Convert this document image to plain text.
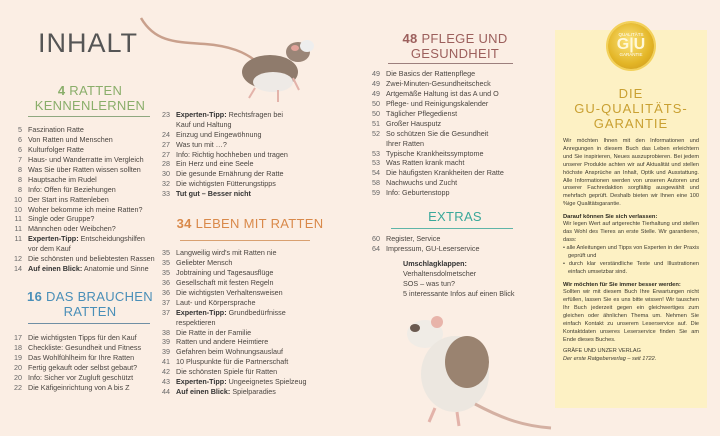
INHALT
4 RATTEN
KENNENLERNEN
5 Faszination Ratte
6 Von Ratten und Menschen
6 Kulturfolger Ratte
7 Haus- und Wanderratte im Vergleich
8 Was Sie über Ratten wissen sollten
8 Hauptsache im Rudel
8 Info: Offen für Beziehungen
10 Der Start ins Rattenleben
10 Woher bekomme ich meine Ratten?
11 Single oder Gruppe?
11 Männchen oder Weibchen?
11 Experten-Tipp: Entscheidungshilfen
vor dem Kauf
12 Die schönsten und beliebtesten Rassen
14 Auf einen Blick: Anatomie und Sinne
16 DAS BRAUCHEN
RATTEN
17 Die wichtigsten Tipps für den Kauf
18 Checkliste: Gesundheit und Fitness
19 Das Wohlfühlheim für Ihre Ratten
20 Fertig gekauft oder selbst gebaut?
20 Info: Sicher vor Zugluft geschützt
22 Die Käfigeinrichtung von A bis Z
23 Experten-Tipp: Rechtsfragen bei
Kauf und Haltung
24 Einzug und Eingewöhnung
27 Was tun mit …?
27 Info: Richtig hochheben und tragen
28 Ein Herz und eine Seele
30 Die gesunde Ernährung der Ratte
32 Die wichtigsten Fütterungstipps
33 Tut gut – Besser nicht
34 LEBEN MIT RATTEN
35 Langweilig wird's mit Ratten nie
35 Geliebter Mensch
35 Jobtraining und Tagesausflüge
36 Gesellschaft mit festen Regeln
36 Die wichtigsten Verhaltensweisen
37 Laut- und Körpersprache
37 Experten-Tipp: Grundbedürfnisse
respektieren
38 Die Ratte in der Familie
39 Ratten und andere Heimtiere
39 Gefahren beim Wohnungsauslauf
41 10 Pluspunkte für die Partnerschaft
42 Die schönsten Spiele für Ratten
43 Experten-Tipp: Ungeeignetes Spielzeug
44 Auf einen Blick: Spielparadies
48 PFLEGE UND
GESUNDHEIT
49 Die Basics der Rattenpflege
49 Zwei-Minuten-Gesundheitscheck
49 Artgemäße Haltung ist das A und O
50 Pflege- und Reinigungskalender
50 Täglicher Pflegedienst
51 Großer Hausputz
52 So schützen Sie die Gesundheit
Ihrer Ratten
53 Typische Krankheitssymptome
53 Was Ratten krank macht
54 Die häufigsten Krankheiten der Ratte
58 Nachwuchs und Zucht
59 Info: Geburtenstopp
EXTRAS
60 Register, Service
64 Impressum, GU-Leserservice
Umschlagklappen:
Verhaltensdolmetscher
SOS – was tun?
5 interessante Infos auf einen Blick
QUALITÄTS
G|U
GARANTIE
DIE
GU-QUALITÄTS-
GARANTIE

Wir möchten Ihnen mit den Informationen und Anregungen in diesem Buch das Leben erleichtern und Sie inspirieren, Neues auszuprobieren. Bei jedem unserer Produkte achten wir auf Aktualität und stellen höchste Ansprüche an Inhalt, Optik und Ausstattung. Alle Informationen werden von unseren Autoren und unserer Fachredaktion sorgfältig ausgewählt und mehrfach geprüft. Deshalb bieten wir Ihnen eine 100 %ige Qualitätsgarantie.

Darauf können Sie sich verlassen:

Wir legen Wert auf artgerechte Tierhaltung und stellen das Wohl des Tieres an erste Stelle. Wir garantieren, dass:

• alle Anleitungen und Tipps von Experten in der Praxis geprüft und

• durch klar verständliche Texte und Illustrationen einfach umsetzbar sind.

Wir möchten für Sie immer besser werden:

Sollten wir mit diesem Buch Ihre Erwartungen nicht erfüllen, lassen Sie es uns bitte wissen! Wir tauschen Ihr Buch jederzeit gegen ein gleichwertiges zum gleichen oder ähnlichen Thema um. Nehmen Sie einfach Kontakt zu unserem Leserservice auf. Die Kontaktdaten unseres Leserservice finden Sie am Ende dieses Buches.

GRÄFE UND UNZER VERLAG

Der erste Ratgeberverlag – seit 1722.
